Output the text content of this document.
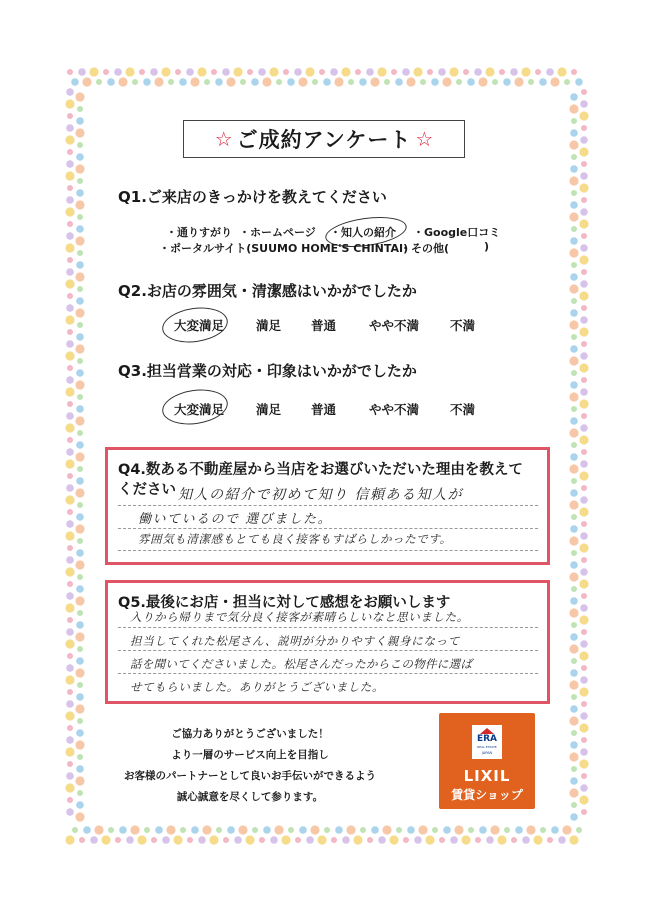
☆ ご成約アンケート ☆
Q1.ご来店のきっかけを教えてください
・通りすがり ・ホームページ ・知人の紹介 ・Google口コミ
・ポータルサイト(SUUMO HOME'S CHINTAI)
・その他(	)
Q2.お店の雰囲気・清潔感はいかがでしたか
大変満足	満足 普通	やや不満 不満
Q3.担当営業の対応・印象はいかがでしたか
大変満足	満足 普通	やや不満 不満
Q4.数ある不動産屋から当店をお選びいただいた理由を教えて
ください 知人の紹介で初めて知り 信頼ある知人が
働いているので 選びました。
雰囲気も清潔感もとても良く接客もすばらしかったです。
Q5.最後にお店・担当に対して感想をお願いします
入りから帰りまで気分良く接客が素晴らしいなと思いました。
担当してくれた松尾さん、説明が分かりやすく親身になって
話を聞いてくださいました。松尾さんだったからこの物件に選ば
せてもらいました。ありがとうございました。
ご協力ありがとうございました！
より一層のサービス向上を目指し
お客様のパートナーとして良いお手伝いができるよう
誠心誠意を尽くして参ります。
ERA
REAL ESTATE
JAPAN
LIXIL
賃貸ショップ
